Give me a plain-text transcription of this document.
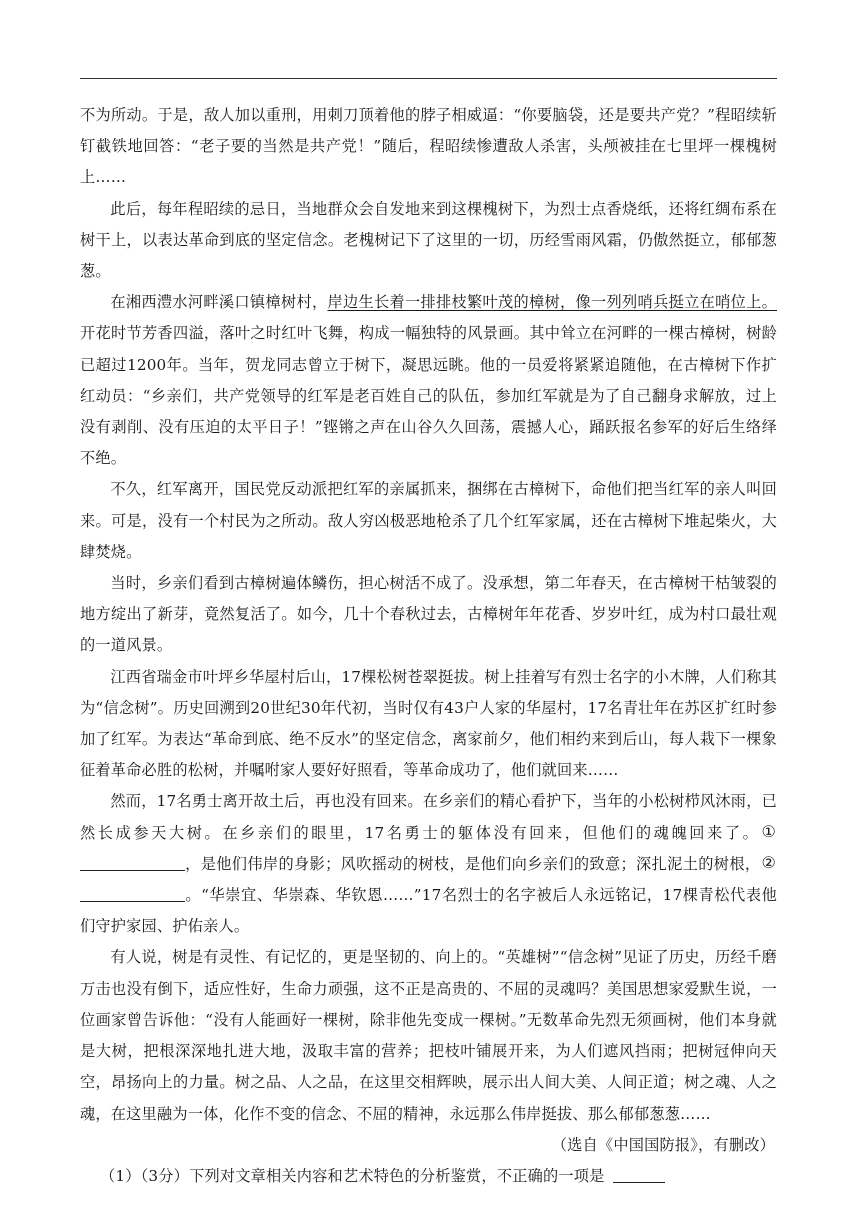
不为所动。于是，敌人加以重刑，用刺刀顶着他的脖子相威逼：“你要脑袋，还是要共产党？”程昭续斩钉截铁地回答：“老子要的当然是共产党！”随后，程昭续惨遭敌人杀害，头颅被挂在七里坪一棵槐树上……

此后，每年程昭续的忌日，当地群众会自发地来到这棵槐树下，为烈士点香烧纸，还将红绸布系在树干上，以表达革命到底的坚定信念。老槐树记下了这里的一切，历经雪雨风霜，仍傲然挺立，郁郁葱葱。

在湘西澧水河畔溪口镇樟树村，岸边生长着一排排枝繁叶茂的樟树，像一列列哨兵挺立在哨位上。开花时节芳香四溢，落叶之时红叶飞舞，构成一幅独特的风景画。其中耸立在河畔的一棵古樟树，树龄已超过1200年。当年，贺龙同志曾立于树下，凝思远眺。他的一员爱将紧紧追随他，在古樟树下作扩红动员：“乡亲们，共产党领导的红军是老百姓自己的队伍，参加红军就是为了自己翻身求解放，过上没有剥削、没有压迫的太平日子！”铿锵之声在山谷久久回荡，震撼人心，踊跃报名参军的好后生络绎不绝。

不久，红军离开，国民党反动派把红军的亲属抓来，捆绑在古樟树下，命他们把当红军的亲人叫回来。可是，没有一个村民为之所动。敌人穷凶极恶地枪杀了几个红军家属，还在古樟树下堆起柴火，大肆焚烧。

当时，乡亲们看到古樟树遍体鳞伤，担心树活不成了。没承想，第二年春天，在古樟树干枯皱裂的地方绽出了新芽，竟然复活了。如今，几十个春秋过去，古樟树年年花香、岁岁叶红，成为村口最壮观的一道风景。

江西省瑞金市叶坪乡华屋村后山，17棵松树苍翠挺拔。树上挂着写有烈士名字的小木牌，人们称其为“信念树”。历史回溯到20世纪30年代初，当时仅有43户人家的华屋村，17名青壮年在苏区扩红时参加了红军。为表达“革命到底、绝不反水”的坚定信念，离家前夕，他们相约来到后山，每人栽下一棵象征着革命必胜的松树，并嘱咐家人要好好照看，等革命成功了，他们就回来……

然而，17名勇士离开故土后，再也没有回来。在乡亲们的精心看护下，当年的小松树栉风沐雨，已然长成参天大树。在乡亲们的眼里，17名勇士的躯体没有回来，但他们的魂魄回来了。①，是他们伟岸的身影；风吹摇动的树枝，是他们向乡亲们的致意；深扎泥土的树根，②。“华崇宜、华崇森、华钦恩……”17名烈士的名字被后人永远铭记，17棵青松代表他们守护家园、护佑亲人。

有人说，树是有灵性、有记忆的，更是坚韧的、向上的。“英雄树”“信念树”见证了历史，历经千磨万击也没有倒下，适应性好，生命力顽强，这不正是高贵的、不屈的灵魂吗？美国思想家爱默生说，一位画家曾告诉他：“没有人能画好一棵树，除非他先变成一棵树。”无数革命先烈无须画树，他们本身就是大树，把根深深地扎进大地，汲取丰富的营养；把枝叶铺展开来，为人们遮风挡雨；把树冠伸向天空，昂扬向上的力量。树之品、人之品，在这里交相辉映，展示出人间大美、人间正道；树之魂、人之魂，在这里融为一体，化作不变的信念、不屈的精神，永远那么伟岸挺拔、那么郁郁葱葱……

（选自《中国国防报》，有删改）

（1）（3分）下列对文章相关内容和艺术特色的分析鉴赏，不正确的一项是
